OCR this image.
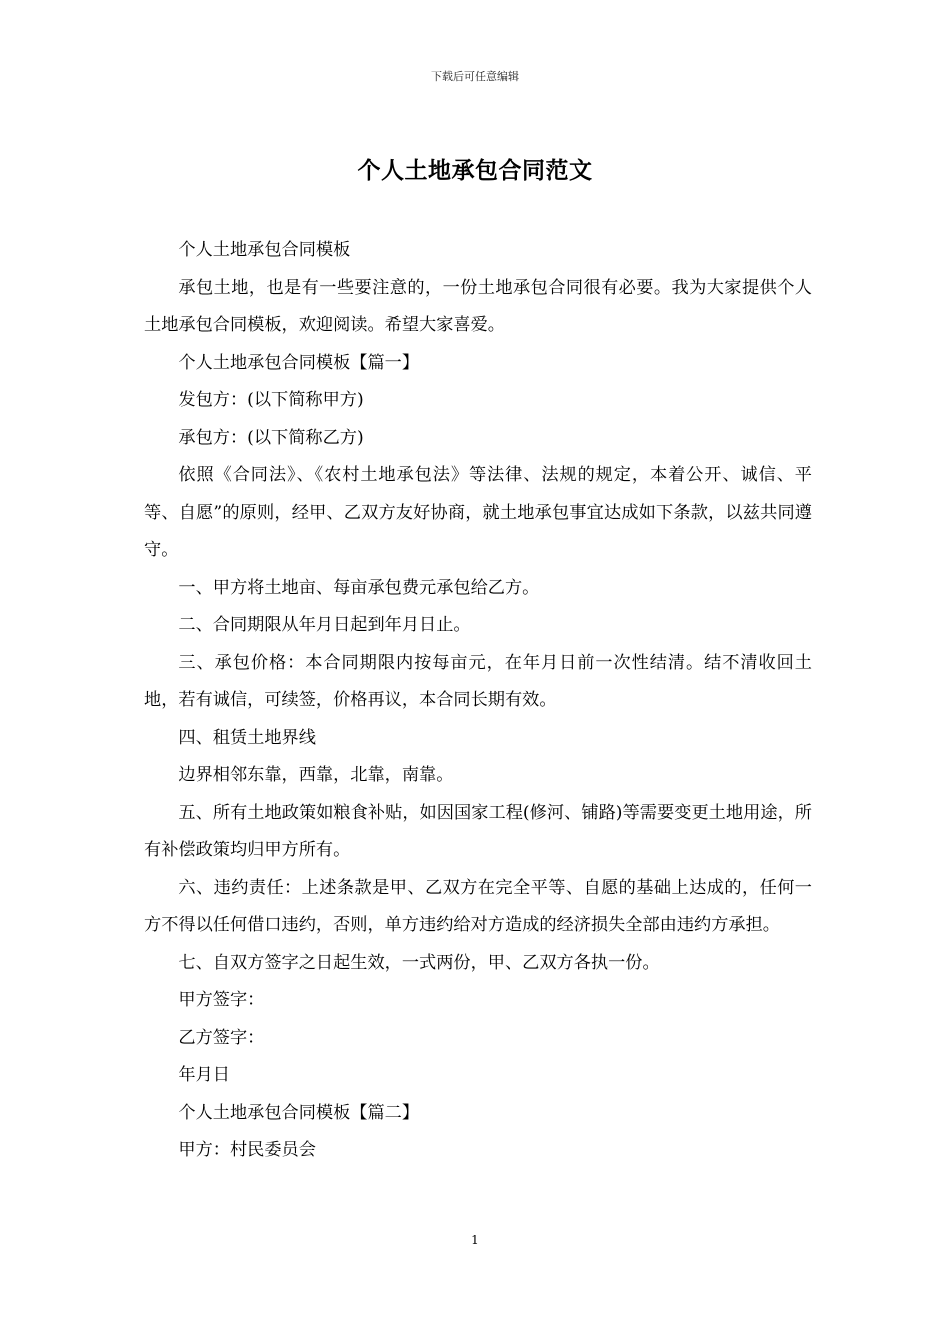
下载后可任意编辑
个人土地承包合同范文

个人土地承包合同模板

承包土地，也是有一些要注意的，一份土地承包合同很有必要。我为大家提供个人土地承包合同模板，欢迎阅读。希望大家喜爱。

个人土地承包合同模板【篇一】

发包方：(以下简称甲方)

承包方：(以下简称乙方)

依照《合同法》、《农村土地承包法》等法律、法规的规定，本着公开、诚信、平等、自愿”的原则，经甲、乙双方友好协商，就土地承包事宜达成如下条款，以兹共同遵守。

一、甲方将土地亩、每亩承包费元承包给乙方。

二、合同期限从年月日起到年月日止。

三、承包价格：本合同期限内按每亩元，在年月日前一次性结清。结不清收回土地，若有诚信，可续签，价格再议，本合同长期有效。

四、租赁土地界线

边界相邻东靠，西靠，北靠，南靠。

五、所有土地政策如粮食补贴，如因国家工程(修河、铺路)等需要变更土地用途，所有补偿政策均归甲方所有。

六、违约责任：上述条款是甲、乙双方在完全平等、自愿的基础上达成的，任何一方不得以任何借口违约，否则，单方违约给对方造成的经济损失全部由违约方承担。

七、自双方签字之日起生效，一式两份，甲、乙双方各执一份。

甲方签字：

乙方签字：

年月日

个人土地承包合同模板【篇二】

甲方：村民委员会

1
